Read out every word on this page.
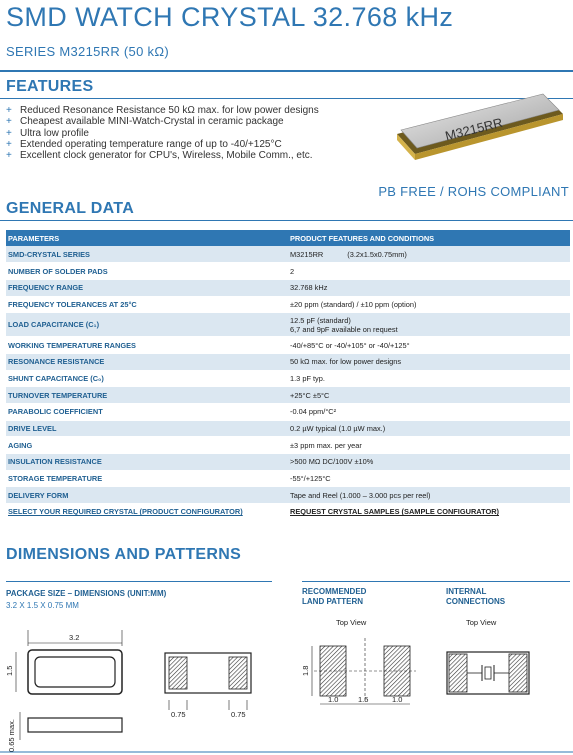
SMD WATCH CRYSTAL 32.768 kHz
SERIES M3215RR (50 kΩ)
FEATURES
+ Reduced Resonance Resistance 50 kΩ max. for low power designs
+ Cheapest available MINI-Watch-Crystal in ceramic package
+ Ultra low profile
+ Extended operating temperature range of up to -40/+125°C
+ Excellent clock generator for CPU's, Wireless, Mobile Comm., etc.
M3215RR
PB FREE / ROHS COMPLIANT
GENERAL DATA
PARAMETERS	PRODUCT FEATURES AND CONDITIONS
SMD-CRYSTAL SERIES	M3215RR (3.2x1.5x0.75mm)
NUMBER OF SOLDER PADS	2
FREQUENCY RANGE	32.768 kHz
FREQUENCY TOLERANCES AT 25°C	±20 ppm (standard) / ±10 ppm (option)
LOAD CAPACITANCE (C₁)	12.5 pF (standard)
6,7 and 9pF available on request

WORKING TEMPERATURE RANGES	-40/+85°C or -40/+105° or -40/+125°
RESONANCE RESISTANCE	50 kΩ max. for low power designs
SHUNT CAPACITANCE (C₀)	1.3 pF typ.
TURNOVER TEMPERATURE	+25°C ±5°C
PARABOLIC COEFFICIENT	-0.04 ppm/°C²
DRIVE LEVEL	0.2 µW typical (1.0 µW max.)
AGING	±3 ppm max. per year
INSULATION RESISTANCE	>500 MΩ DC/100V ±10%
STORAGE TEMPERATURE	-55°/+125°C
DELIVERY FORM	Tape and Reel (1.000 – 3.000 pcs per reel)
SELECT YOUR REQUIRED CRYSTAL (PRODUCT CONFIGURATOR)	REQUEST CRYSTAL SAMPLES (SAMPLE CONFIGURATOR)
DIMENSIONS AND PATTERNS
PACKAGE SIZE – DIMENSIONS (UNIT:MM)
3.2 X 1.5 X 0.75 MM
RECOMMENDED
LAND PATTERN
INTERNAL
CONNECTIONS
3.2
1.5
0.65 max.
0.75	0.75
Top View
1.8
1.0	1.5	1.0
Top View
